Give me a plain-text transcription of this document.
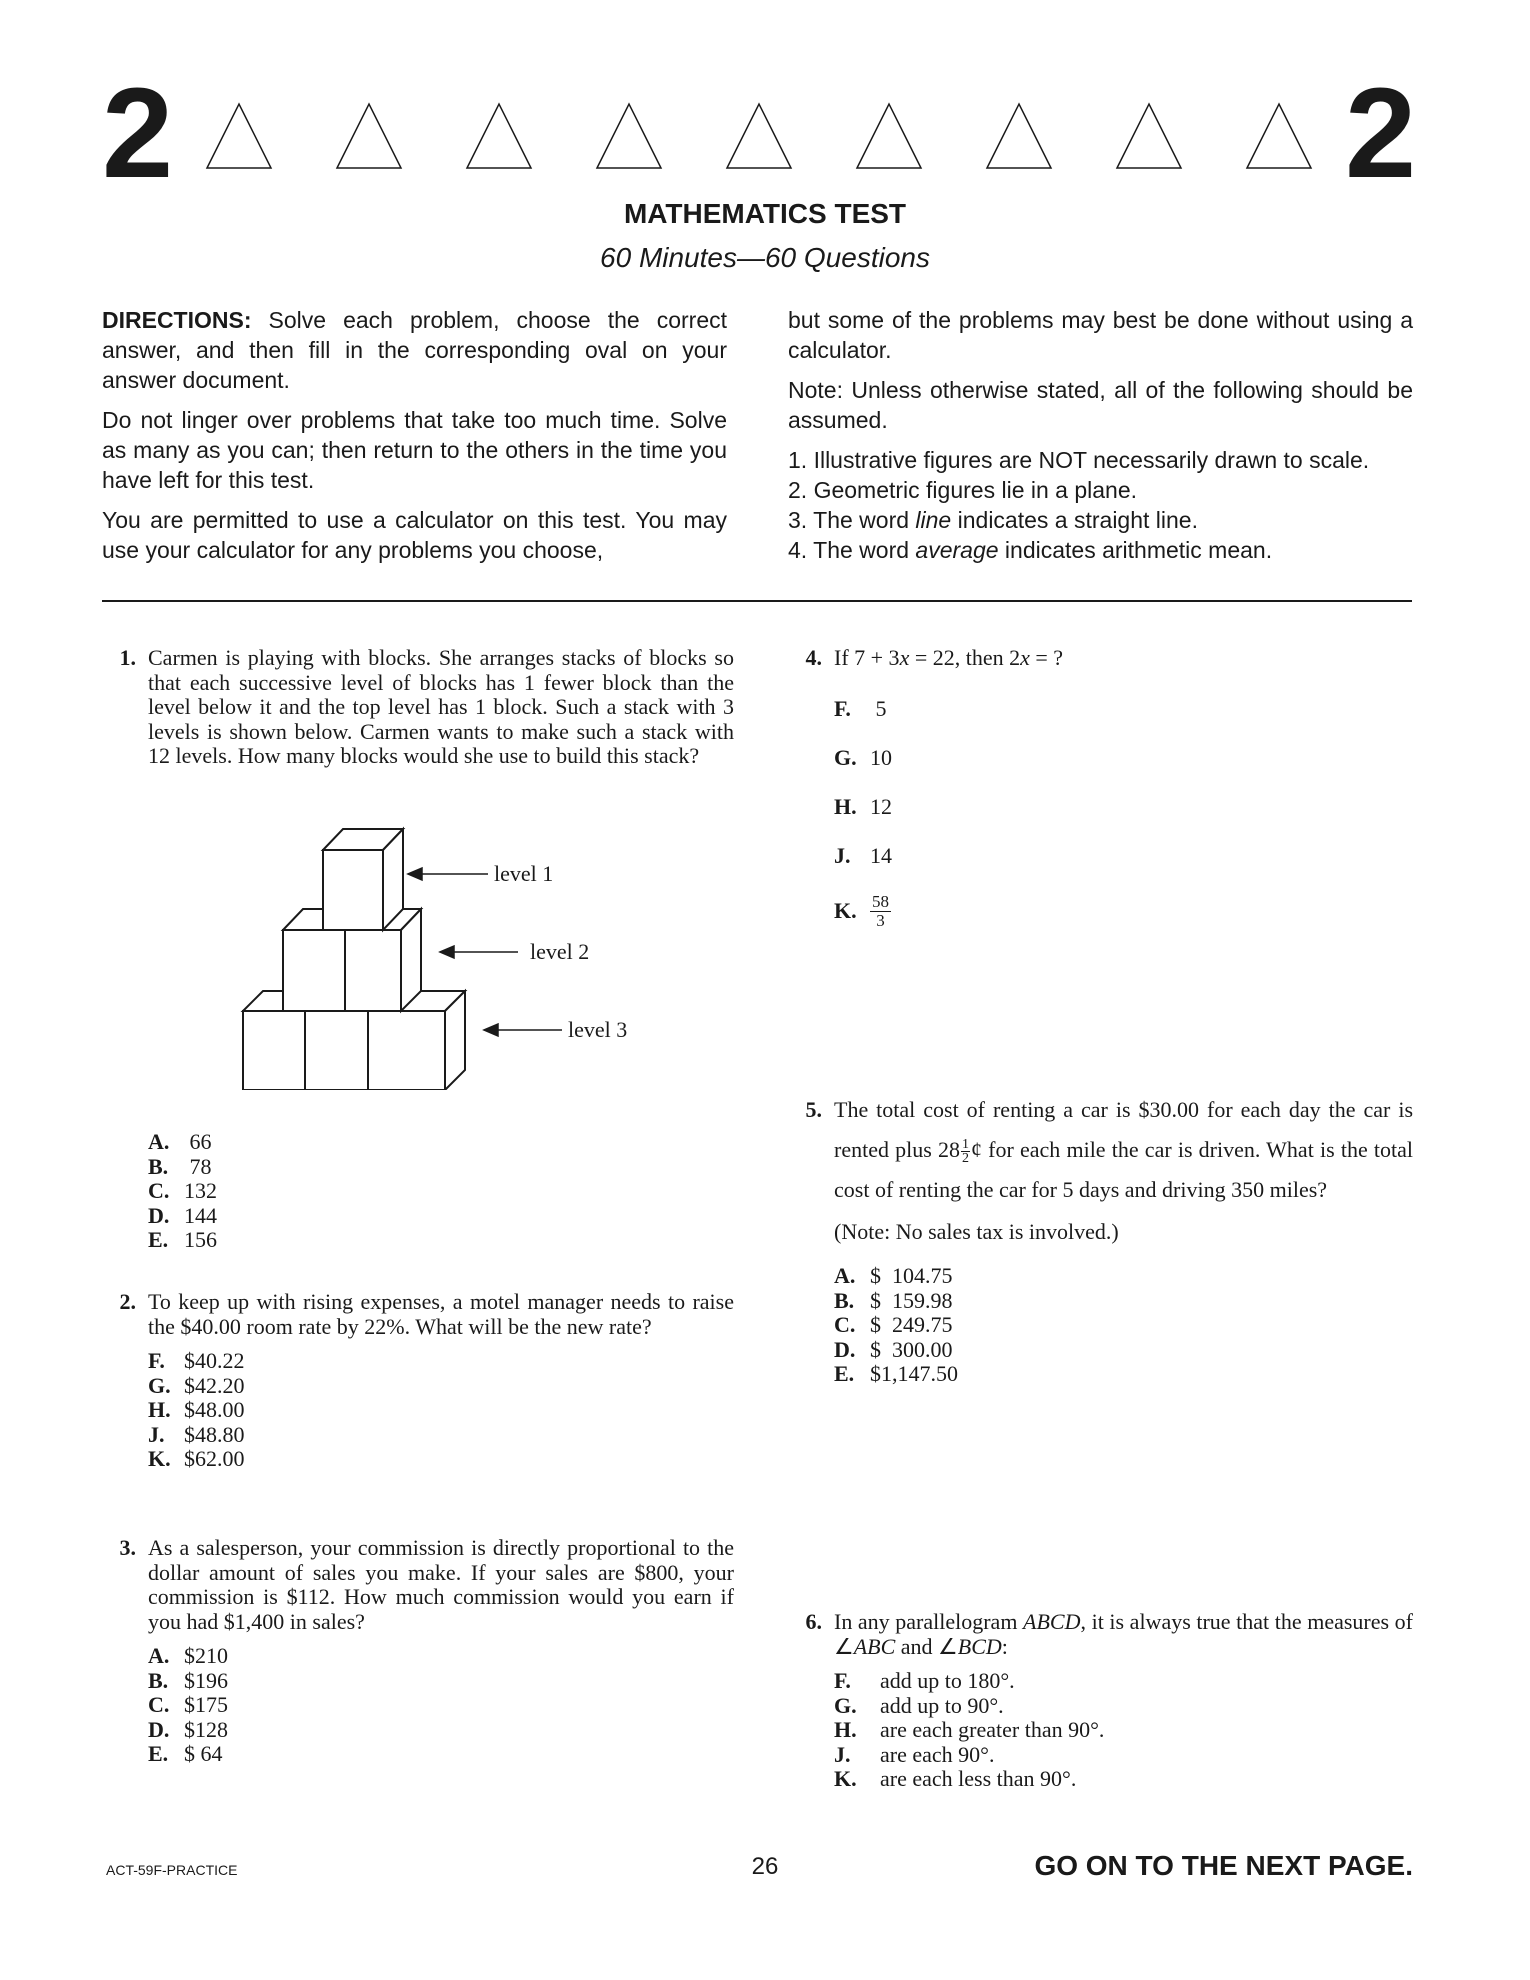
2	2
MATHEMATICS TEST
60 Minutes—60 Questions

DIRECTIONS: Solve each problem, choose the correct answer, and then fill in the corresponding oval on your answer document.

Do not linger over problems that take too much time. Solve as many as you can; then return to the others in the time you have left for this test.

You are permitted to use a calculator on this test. You may use your calculator for any problems you choose,

but some of the problems may best be done without using a calculator.

Note: Unless otherwise stated, all of the following should be assumed.

1. Illustrative figures are NOT necessarily drawn to scale.
2. Geometric figures lie in a plane.
3. The word line indicates a straight line.
4. The word average indicates arithmetic mean.
1. Carmen is playing with blocks. She arranges stacks of blocks so that each successive level of blocks has 1 fewer block than the level below it and the top level has 1 block. Such a stack with 3 levels is shown below. Carmen wants to make such a stack with 12 levels. How many blocks would she use to build this stack?
level 1
level 2
level 3
A. 66
B. 78
C. 132
D. 144
E. 156
2. To keep up with rising expenses, a motel manager needs to raise the $40.00 room rate by 22%. What will be the new rate?
F. $40.22
G. $42.20
H. $48.00
J. $48.80
K. $62.00
3. As a salesperson, your commission is directly proportional to the dollar amount of sales you make. If your sales are $800, your commission is $112. How much commission would you earn if you had $1,400 in sales?
A. $210
B. $196
C. $175
D. $128
E. $ 64
4. If 7 + 3x = 22, then 2x = ?
F. 5
G. 10
H. 12
J. 14
K. $\frac{58}{3}$
5. The total cost of renting a car is $30.00 for each day the car is rented plus $28 \frac{1}{2}$ ¢ for each mile the car is driven. What is the total cost of renting the car for 5 days and driving 350 miles?
(Note: No sales tax is involved.)
A. $  104.75
B. $  159.98
C. $  249.75
D. $  300.00
E. $1,147.50
6. In any parallelogram ABCD, it is always true that the measures of ∠ABC and ∠BCD:
F.	add up to 180°.
G.	add up to 90°.
H.	are each greater than 90°.
J.	are each 90°.
K.	are each less than 90°.
ACT-59F-PRACTICE	26	GO ON TO THE NEXT PAGE.
